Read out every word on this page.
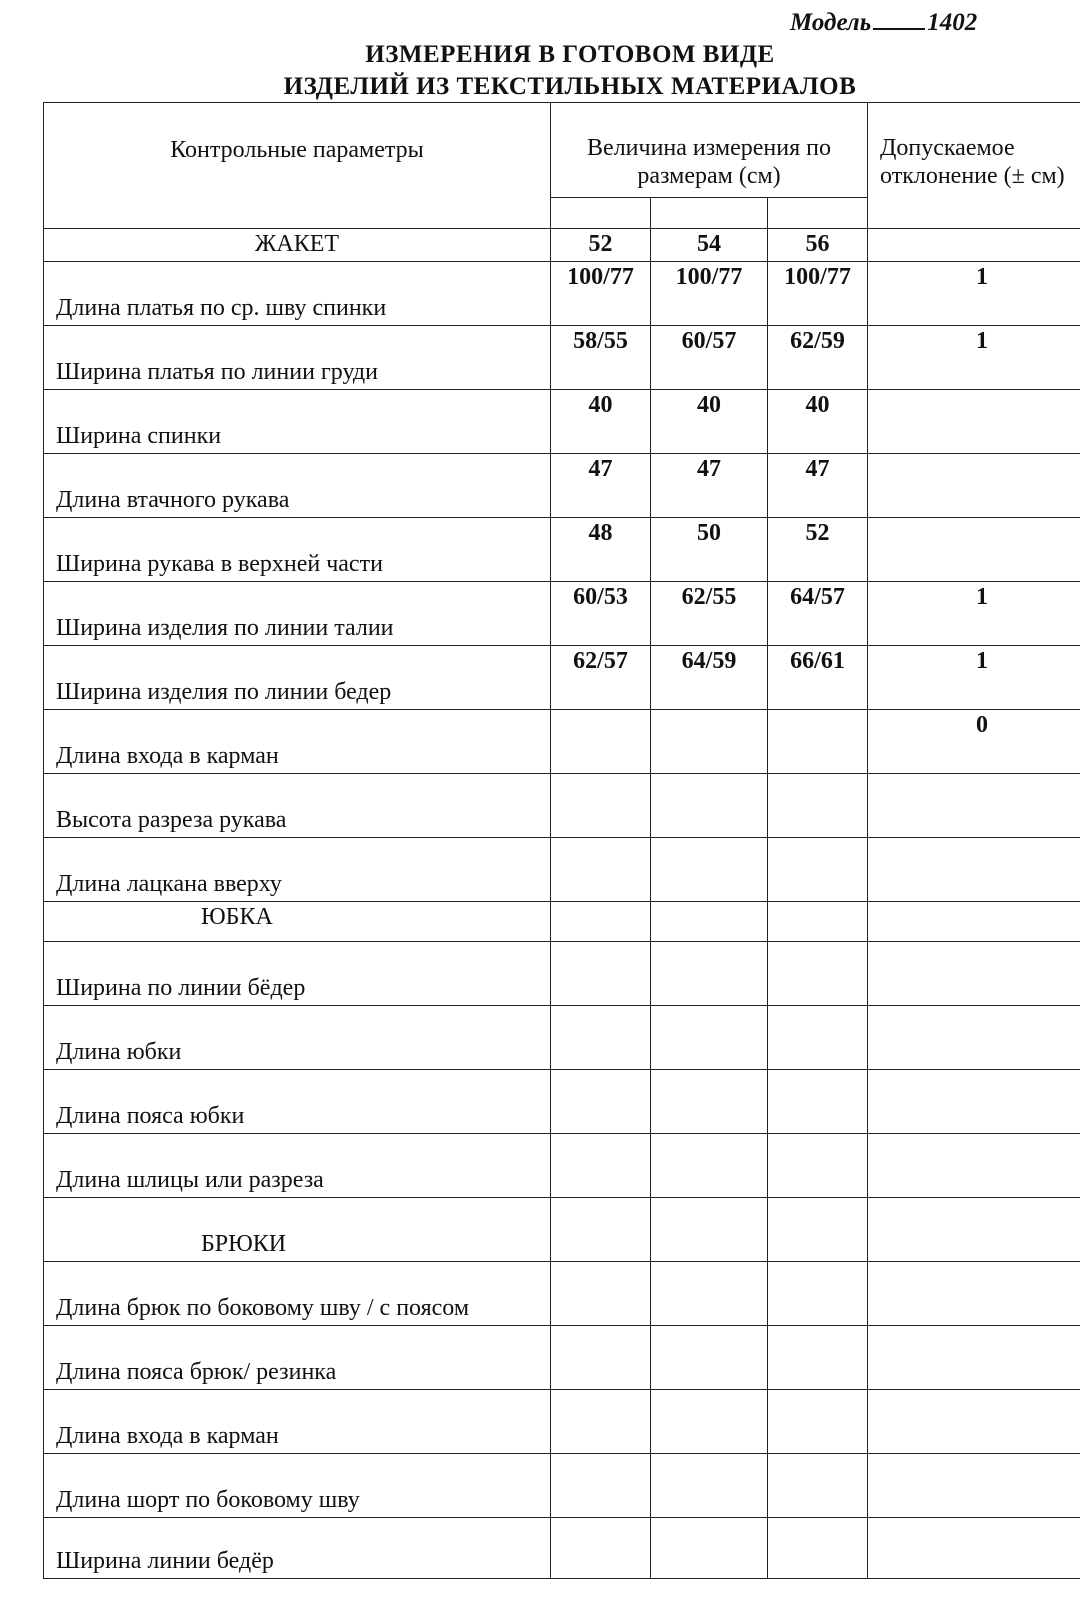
Модель 1402
ИЗМЕРЕНИЯ В ГОТОВОМ ВИДЕ
ИЗДЕЛИЙ ИЗ ТЕКСТИЛЬНЫХ МАТЕРИАЛОВ
Контрольные параметры	Величина измерения по
размерам (см)			Допускаемое
отклонение (± см)

ЖАКЕТ	52	54	56	
Длина платья по ср. шву спинки	100/77	100/77	100/77	1
Ширина платья по линии груди	58/55	60/57	62/59	1
Ширина спинки	40	40	40	
Длина втачного рукава	47	47	47	
Ширина рукава в верхней части	48	50	52	
Ширина изделия по линии талии	60/53	62/55	64/57	1
Ширина изделия по линии бедер	62/57	64/59	66/61	1
Длина входа в карман				0
Высота разреза рукава				
Длина лацкана вверху				
ЮБКА				
Ширина по линии бёдер				
Длина юбки				
Длина пояса юбки				
Длина шлицы или разреза				
БРЮКИ				
Длина брюк по боковому шву / с поясом				
Длина пояса брюк/ резинка				
Длина входа в карман				
Длина шорт по боковому шву				
Ширина линии бедёр				
